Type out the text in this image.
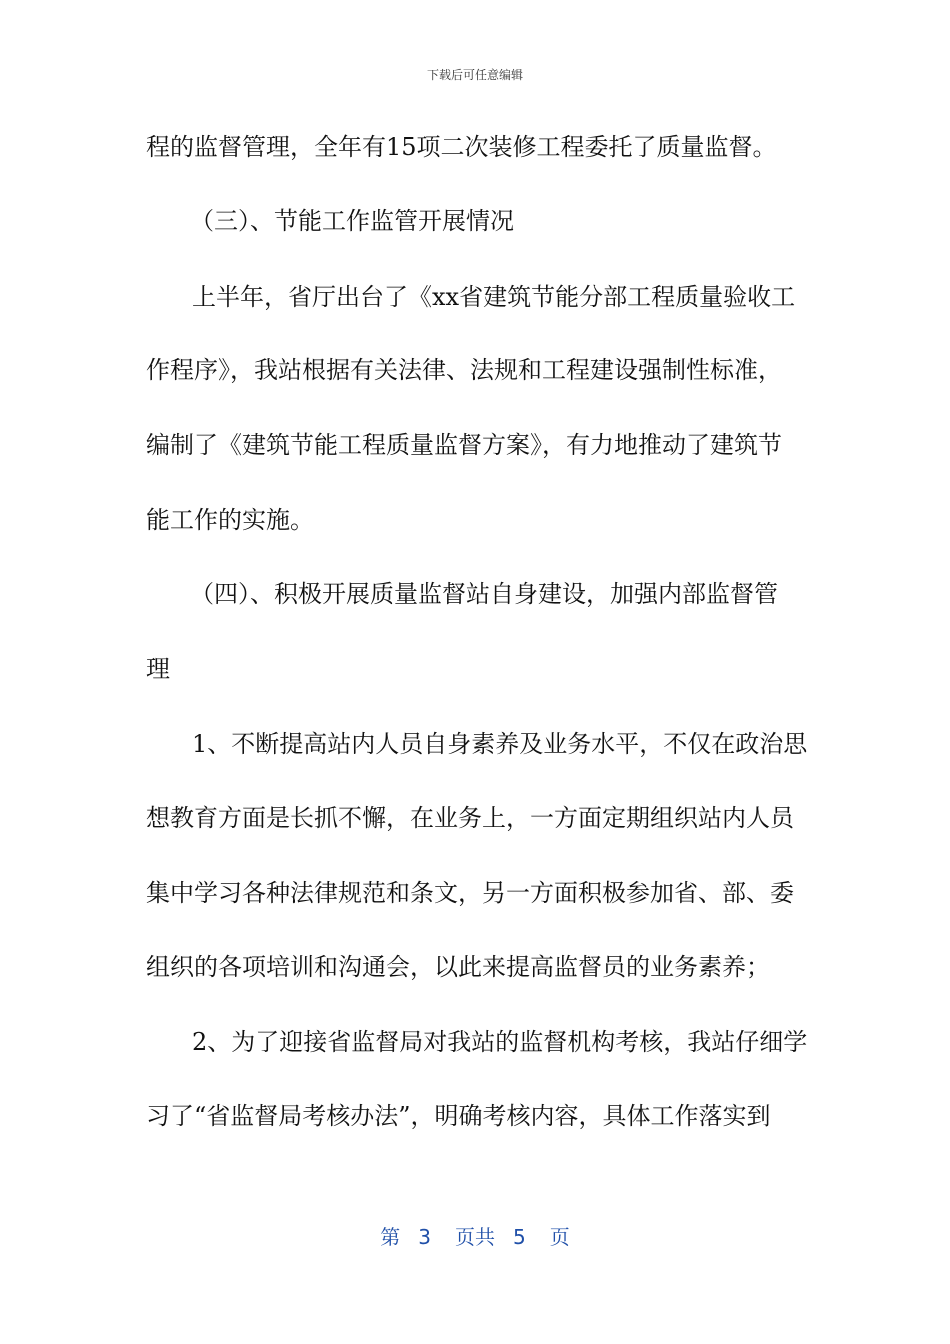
下载后可任意编辑
程的监督管理，全年有15项二次装修工程委托了质量监督。
（三）、节能工作监管开展情况
上半年，省厅出台了《xx省建筑节能分部工程质量验收工
作程序》，我站根据有关法律、法规和工程建设强制性标准，
编制了《建筑节能工程质量监督方案》，有力地推动了建筑节
能工作的实施。
（四）、积极开展质量监督站自身建设，加强内部监督管
理
1、不断提高站内人员自身素养及业务水平，不仅在政治思
想教育方面是长抓不懈，在业务上，一方面定期组织站内人员
集中学习各种法律规范和条文，另一方面积极参加省、部、委
组织的各项培训和沟通会，以此来提高监督员的业务素养；
2、为了迎接省监督局对我站的监督机构考核，我站仔细学
习了“省监督局考核办法”，明确考核内容，具体工作落实到
第 3 页共 5 页
